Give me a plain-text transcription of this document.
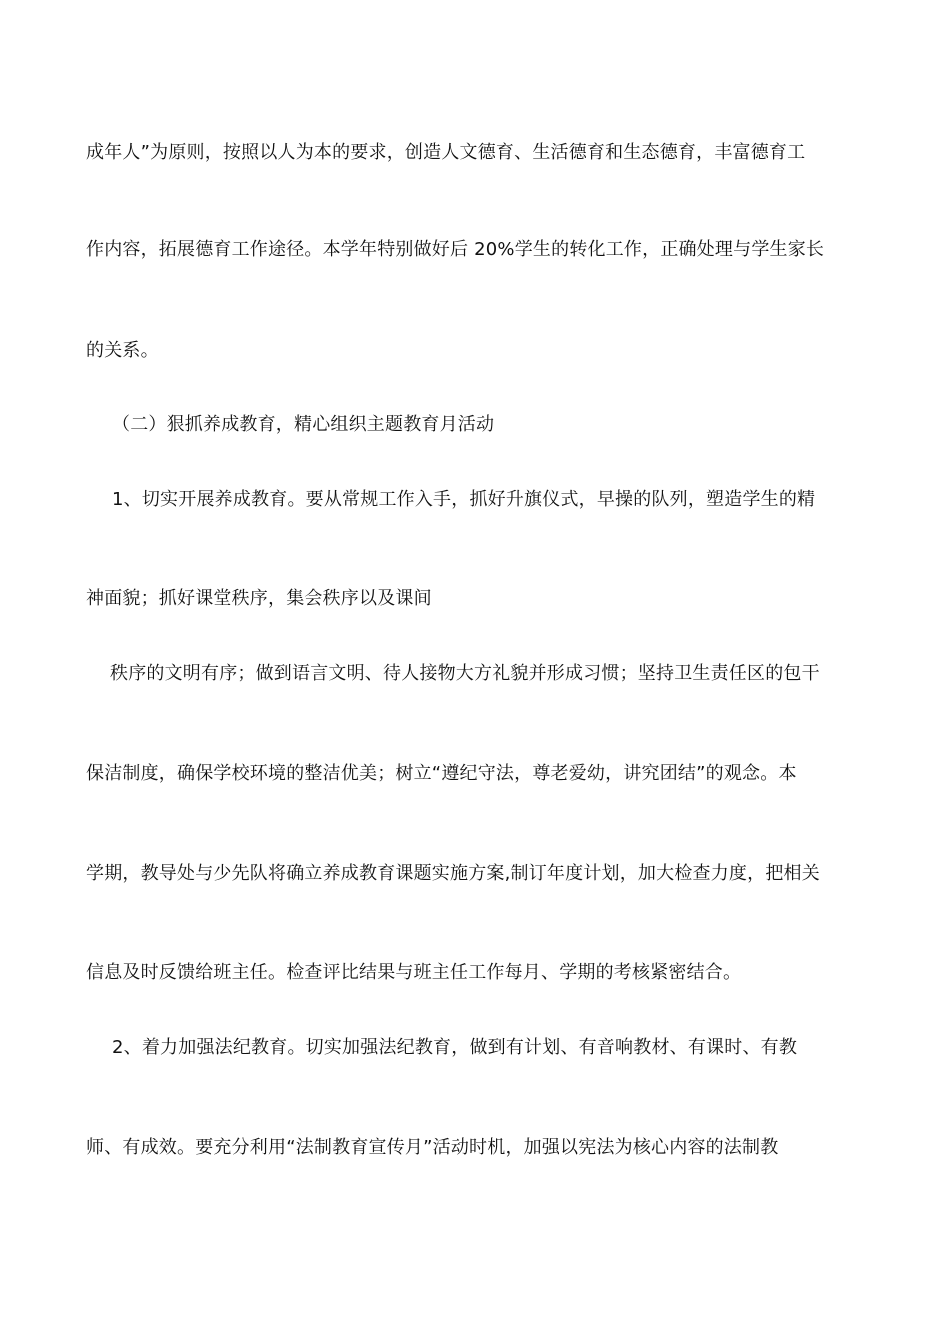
成年人”为原则，按照以人为本的要求，创造人文德育、生活德育和生态德育，丰富德育工
作内容，拓展德育工作途径。本学年特别做好后 20%学生的转化工作，正确处理与学生家长
的关系。
（二）狠抓养成教育，精心组织主题教育月活动
1、切实开展养成教育。要从常规工作入手，抓好升旗仪式，早操的队列，塑造学生的精
神面貌；抓好课堂秩序，集会秩序以及课间
秩序的文明有序；做到语言文明、待人接物大方礼貌并形成习惯；坚持卫生责任区的包干
保洁制度，确保学校环境的整洁优美；树立“遵纪守法，尊老爱幼，讲究团结”的观念。本
学期，教导处与少先队将确立养成教育课题实施方案,制订年度计划，加大检查力度，把相关
信息及时反馈给班主任。检查评比结果与班主任工作每月、学期的考核紧密结合。
2、着力加强法纪教育。切实加强法纪教育，做到有计划、有音响教材、有课时、有教
师、有成效。要充分利用“法制教育宣传月”活动时机，加强以宪法为核心内容的法制教
